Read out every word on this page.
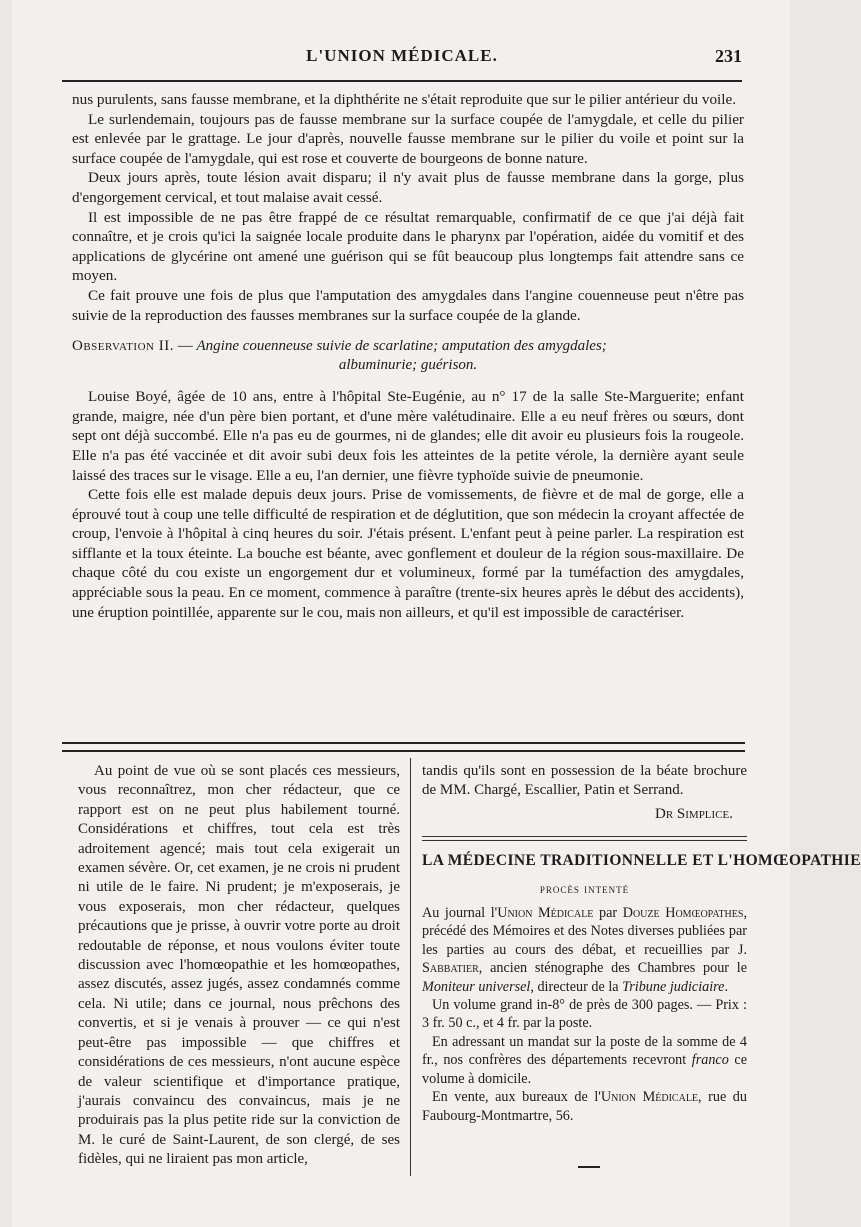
L'UNION MÉDICALE.	231

nus purulents, sans fausse membrane, et la diphthérite ne s'était reproduite que sur le pilier antérieur du voile.

Le surlendemain, toujours pas de fausse membrane sur la surface coupée de l'amygdale, et celle du pilier est enlevée par le grattage. Le jour d'après, nouvelle fausse membrane sur le pilier du voile et point sur la surface coupée de l'amygdale, qui est rose et couverte de bourgeons de bonne nature.

Deux jours après, toute lésion avait disparu; il n'y avait plus de fausse membrane dans la gorge, plus d'engorgement cervical, et tout malaise avait cessé.

Il est impossible de ne pas être frappé de ce résultat remarquable, confirmatif de ce que j'ai déjà fait connaître, et je crois qu'ici la saignée locale produite dans le pharynx par l'opération, aidée du vomitif et des applications de glycérine ont amené une guérison qui se fût beaucoup plus longtemps fait attendre sans ce moyen.

Ce fait prouve une fois de plus que l'amputation des amygdales dans l'angine couenneuse peut n'être pas suivie de la reproduction des fausses membranes sur la surface coupée de la glande.

Observation II. — Angine couenneuse suivie de scarlatine; amputation des amygdales;
albuminurie; guérison.

Louise Boyé, âgée de 10 ans, entre à l'hôpital Ste-Eugénie, au n° 17 de la salle Ste-Marguerite; enfant grande, maigre, née d'un père bien portant, et d'une mère valétudinaire. Elle a eu neuf frères ou sœurs, dont sept ont déjà succombé. Elle n'a pas eu de gourmes, ni de glandes; elle dit avoir eu plusieurs fois la rougeole. Elle n'a pas été vaccinée et dit avoir subi deux fois les atteintes de la petite vérole, la dernière ayant seule laissé des traces sur le visage. Elle a eu, l'an dernier, une fièvre typhoïde suivie de pneumonie.

Cette fois elle est malade depuis deux jours. Prise de vomissements, de fièvre et de mal de gorge, elle a éprouvé tout à coup une telle difficulté de respiration et de déglutition, que son médecin la croyant affectée de croup, l'envoie à l'hôpital à cinq heures du soir. J'étais présent. L'enfant peut à peine parler. La respiration est sifflante et la toux éteinte. La bouche est béante, avec gonflement et douleur de la région sous-maxillaire. De chaque côté du cou existe un engorgement dur et volumineux, formé par la tuméfaction des amygdales, appréciable sous la peau. En ce moment, commence à paraître (trente-six heures après le début des accidents), une éruption pointillée, apparente sur le cou, mais non ailleurs, et qu'il est impossible de caractériser.

Au point de vue où se sont placés ces messieurs, vous reconnaîtrez, mon cher rédacteur, que ce rapport est on ne peut plus habilement tourné. Considérations et chiffres, tout cela est très adroitement agencé; mais tout cela exigerait un examen sévère. Or, cet examen, je ne crois ni prudent ni utile de le faire. Ni prudent; je m'exposerais, je vous exposerais, mon cher rédacteur, quelques précautions que je prisse, à ouvrir votre porte au droit redoutable de réponse, et nous voulons éviter toute discussion avec l'homœopathie et les homœopathes, assez discutés, assez jugés, assez condamnés comme cela. Ni utile; dans ce journal, nous prêchons des convertis, et si je venais à prouver — ce qui n'est peut-être pas impossible — que chiffres et considérations de ces messieurs, n'ont aucune espèce de valeur scientifique et d'importance pratique, j'aurais convaincu des convaincus, mais je ne produirais pas la plus petite ride sur la conviction de M. le curé de Saint-Laurent, de son clergé, de ses fidèles, qui ne liraient pas mon article,

tandis qu'ils sont en possession de la béate brochure de MM. Chargé, Escallier, Patin et Serrand.

Dr Simplice.

LA MÉDECINE TRADITIONNELLE ET L'HOMŒOPATHIE

procès intenté

Au journal l'Union Médicale par Douze Homœopathes, précédé des Mémoires et des Notes diverses publiées par les parties au cours des débat, et recueillies par J. Sabbatier, ancien sténographe des Chambres pour le Moniteur universel, directeur de la Tribune judiciaire.

Un volume grand in-8° de près de 300 pages. — Prix : 3 fr. 50 c., et 4 fr. par la poste.

En adressant un mandat sur la poste de la somme de 4 fr., nos confrères des départements recevront franco ce volume à domicile.

En vente, aux bureaux de l'Union Médicale, rue du Faubourg-Montmartre, 56.
